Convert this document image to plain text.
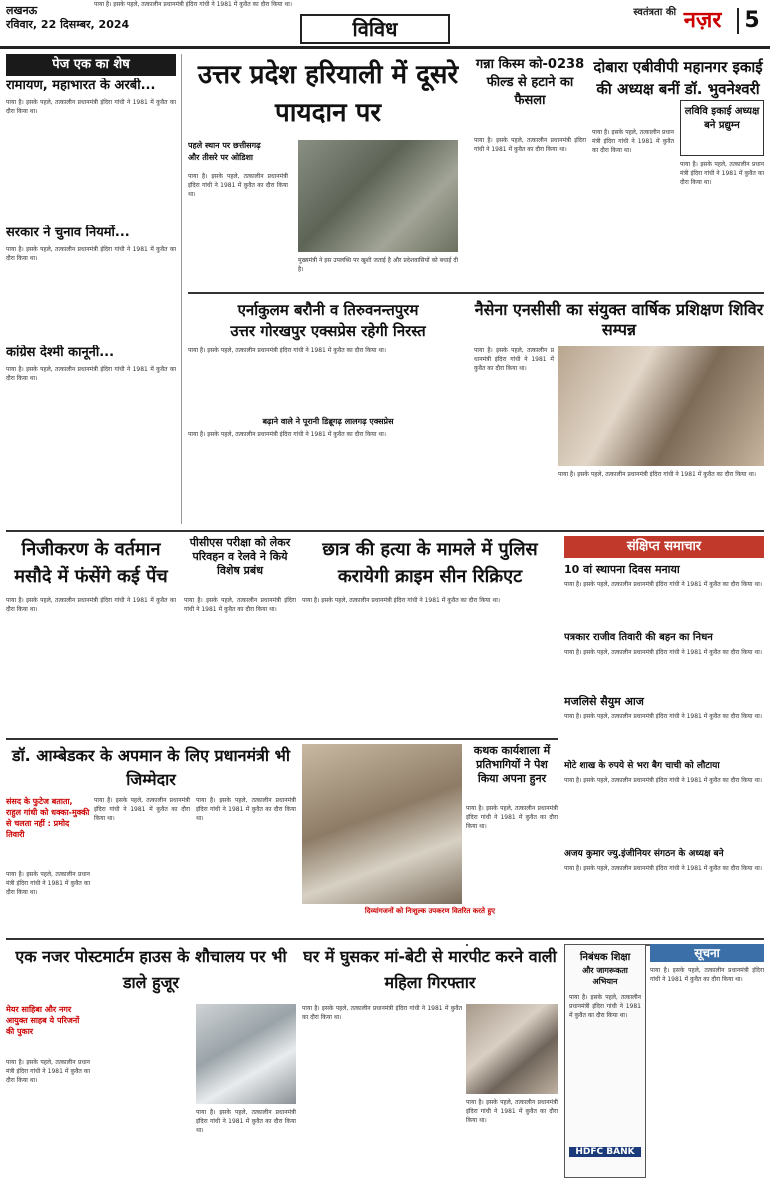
लखनऊ
रविवार, 22 दिसम्बर, 2024	विविध
$^{स्वतंत्रता की}$ नज़र 5
पेज एक का शेष
रामायण, महाभारत के अरबी...
पाया है। इसके पहले, तत्कालीन प्रधानमंत्री इंदिरा गांधी ने 1981 में कुवैत का दौरा किया था।
सरकार ने चुनाव नियमों...
पाया है। इसके पहले, तत्कालीन प्रधानमंत्री इंदिरा गांधी ने 1981 में कुवैत का दौरा किया था।
कांग्रेस देश्मी कानूनी...
पाया है। इसके पहले, तत्कालीन प्रधानमंत्री इंदिरा गांधी ने 1981 में कुवैत का दौरा किया था।
उत्तर प्रदेश हरियाली में दूसरे पायदान पर
पहले स्थान पर छत्तीसगढ़
और तीसरे पर ओडिशा
पाया है। इसके पहले, तत्कालीन प्रधानमंत्री इंदिरा गांधी ने 1981 में कुवैत का दौरा किया था।
मुख्यमंत्री ने इस उपलब्धि पर खुशी जताई है और प्रदेशवासियों को बधाई दी है।
गन्ना किस्म को-0238 फील्ड से हटाने का फैसला
पाया है। इसके पहले, तत्कालीन प्रधानमंत्री इंदिरा गांधी ने 1981 में कुवैत का दौरा किया था।
दोबारा एबीवीपी महानगर इकाई की अध्यक्ष बनीं डॉ. भुवनेश्वरी
पाया है। इसके पहले, तत्कालीन प्रधानमंत्री इंदिरा गांधी ने 1981 में कुवैत का दौरा किया था।
लविवि इकाई अध्यक्ष बने प्रद्युम्न
पाया है। इसके पहले, तत्कालीन प्रधानमंत्री इंदिरा गांधी ने 1981 में कुवैत का दौरा किया था।
एर्नाकुलम बरौनी व तिरुवनन्तपुरम
उत्तर गोरखपुर एक्सप्रेस रहेगी निरस्त
पाया है। इसके पहले, तत्कालीन प्रधानमंत्री इंदिरा गांधी ने 1981 में कुवैत का दौरा किया था।
बढ़ाने वाले ने पूरानी डिब्रूगढ़ लालगढ़ एक्सप्रेस
पाया है। इसके पहले, तत्कालीन प्रधानमंत्री इंदिरा गांधी ने 1981 में कुवैत का दौरा किया था।
नैसेना एनसीसी का संयुक्त वार्षिक प्रशिक्षण शिविर सम्पन्न
पाया है। इसके पहले, तत्कालीन प्रधानमंत्री इंदिरा गांधी ने 1981 में कुवैत का दौरा किया था।
पाया है। इसके पहले, तत्कालीन प्रधानमंत्री इंदिरा गांधी ने 1981 में कुवैत का दौरा किया था।
निजीकरण के वर्तमान मसौदे में फंसेंगे कई पेंच
पाया है। इसके पहले, तत्कालीन प्रधानमंत्री इंदिरा गांधी ने 1981 में कुवैत का दौरा किया था।
पीसीएस परीक्षा को लेकर परिवहन व रेलवे ने किये विशेष प्रबंध
पाया है। इसके पहले, तत्कालीन प्रधानमंत्री इंदिरा गांधी ने 1981 में कुवैत का दौरा किया था।
छात्र की हत्या के मामले में पुलिस करायेगी क्राइम सीन रिक्रिएट
पाया है। इसके पहले, तत्कालीन प्रधानमंत्री इंदिरा गांधी ने 1981 में कुवैत का दौरा किया था।
संक्षिप्त समाचार
10 वां स्थापना दिवस मनाया
पाया है। इसके पहले, तत्कालीन प्रधानमंत्री इंदिरा गांधी ने 1981 में कुवैत का दौरा किया था।
पत्रकार राजीव तिवारी की बहन का निधन
पाया है। इसके पहले, तत्कालीन प्रधानमंत्री इंदिरा गांधी ने 1981 में कुवैत का दौरा किया था।
मजलिसे सैयुम आज
पाया है। इसके पहले, तत्कालीन प्रधानमंत्री इंदिरा गांधी ने 1981 में कुवैत का दौरा किया था।
मोटे शाख के रुपये से भरा बैग चाची को लौटाया
पाया है। इसके पहले, तत्कालीन प्रधानमंत्री इंदिरा गांधी ने 1981 में कुवैत का दौरा किया था।
अजय कुमार ज्यु.इंजीनियर संगठन के अध्यक्ष बने
पाया है। इसके पहले, तत्कालीन प्रधानमंत्री इंदिरा गांधी ने 1981 में कुवैत का दौरा किया था।
डॉ. आम्बेडकर के अपमान के लिए प्रधानमंत्री भी जिम्मेदार
संसद के फुटेज बताता, राहुल गांधी को धक्का-मुक्की से चलता नहीं : प्रमोद तिवारी
पाया है। इसके पहले, तत्कालीन प्रधानमंत्री इंदिरा गांधी ने 1981 में कुवैत का दौरा किया था।
पाया है। इसके पहले, तत्कालीन प्रधानमंत्री इंदिरा गांधी ने 1981 में कुवैत का दौरा किया था।
पाया है। इसके पहले, तत्कालीन प्रधानमंत्री इंदिरा गांधी ने 1981 में कुवैत का दौरा किया था।
दिव्यांगजनों को निःशुल्क उपकरण वितरित करते हुए
कथक कार्यशाला में प्रतिभागियों ने पेश किया अपना हुनर
पाया है। इसके पहले, तत्कालीन प्रधानमंत्री इंदिरा गांधी ने 1981 में कुवैत का दौरा किया था।
एक नजर पोस्टमार्टम हाउस के शौचालय पर भी डाले हुजूर
मेयर साहिबा और नगर आयुक्त साहब ये परिजनों की पुकार
पाया है। इसके पहले, तत्कालीन प्रधानमंत्री इंदिरा गांधी ने 1981 में कुवैत का दौरा किया था।
पाया है। इसके पहले, तत्कालीन प्रधानमंत्री इंदिरा गांधी ने 1981 में कुवैत का दौरा किया था।
पाया है। इसके पहले, तत्कालीन प्रधानमंत्री इंदिरा गांधी ने 1981 में कुवैत का दौरा किया था।
घर में घुसकर मां-बेटी से मारपीट करने वाली महिला गिरफ्तार
पाया है। इसके पहले, तत्कालीन प्रधानमंत्री इंदिरा गांधी ने 1981 में कुवैत का दौरा किया था।
पाया है। इसके पहले, तत्कालीन प्रधानमंत्री इंदिरा गांधी ने 1981 में कुवैत का दौरा किया था।
सूचना
पाया है। इसके पहले, तत्कालीन प्रधानमंत्री इंदिरा गांधी ने 1981 में कुवैत का दौरा किया था।
निबंधक शिक्षा
और जागरूकता अभियान
पाया है। इसके पहले, तत्कालीन प्रधानमंत्री इंदिरा गांधी ने 1981 में कुवैत का दौरा किया था।
HDFC BANK
